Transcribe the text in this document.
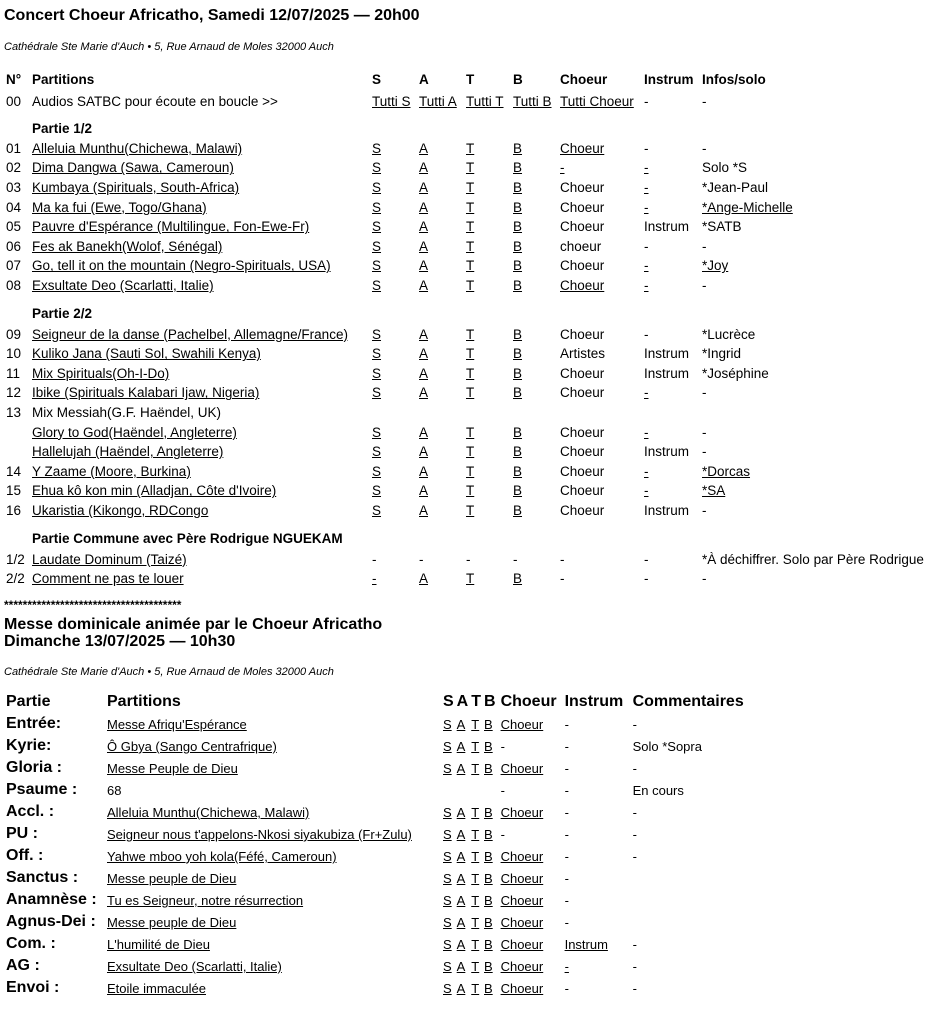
Concert Choeur Africatho, Samedi 12/07/2025 — 20h00
Cathédrale Ste Marie d'Auch • 5, Rue Arnaud de Moles 32000 Auch
N°	Partitions	S	A	T	B	Choeur	Instrum	Infos/solo
00	Audios SATBC pour écoute en boucle >>	Tutti S	Tutti A	Tutti T	Tutti B	Tutti Choeur	-	-
	Partie 1/2							
01	Alleluia Munthu(Chichewa, Malawi)	S	A	T	B	Choeur	-	-
02	Dima Dangwa (Sawa, Cameroun)	S	A	T	B	-	-	Solo *S
03	Kumbaya (Spirituals, South-Africa)	S	A	T	B	Choeur	-	*Jean-Paul
04	Ma ka fui (Ewe, Togo/Ghana)	S	A	T	B	Choeur	-	*Ange-Michelle
05	Pauvre d'Espérance (Multilingue, Fon-Ewe-Fr)	S	A	T	B	Choeur	Instrum	*SATB
06	Fes ak Banekh(Wolof, Sénégal)	S	A	T	B	choeur	-	-
07	Go, tell it on the mountain (Negro-Spirituals, USA)	S	A	T	B	Choeur	-	*Joy
08	Exsultate Deo (Scarlatti, Italie)	S	A	T	B	Choeur	-	-
	Partie 2/2							
09	Seigneur de la danse (Pachelbel, Allemagne/France)	S	A	T	B	Choeur	-	*Lucrèce
10	Kuliko Jana (Sauti Sol, Swahili Kenya)	S	A	T	B	Artistes	Instrum	*Ingrid
11	Mix Spirituals(Oh-I-Do)	S	A	T	B	Choeur	Instrum	*Joséphine
12	Ibike (Spirituals Kalabari Ijaw, Nigeria)	S	A	T	B	Choeur	-	-
13	Mix Messiah(G.F. Haëndel, UK)							
	Glory to God(Haëndel, Angleterre)	S	A	T	B	Choeur	-	-
	Hallelujah (Haëndel, Angleterre)	S	A	T	B	Choeur	Instrum	-
14	Y Zaame (Moore, Burkina)	S	A	T	B	Choeur	-	*Dorcas
15	Ehua kô kon min (Alladjan, Côte d'Ivoire)	S	A	T	B	Choeur	-	*SA
16	Ukaristia (Kikongo, RDCongo	S	A	T	B	Choeur	Instrum	-
	Partie Commune avec Père Rodrigue NGUEKAM							
1/2	Laudate Dominum (Taizé)	-	-	-	-	-	-	*À déchiffrer. Solo par Père Rodrigue
2/2	Comment ne pas te louer	-	A	T	B	-	-	-
**************************************
Messe dominicale animée par le Choeur Africatho
Dimanche 13/07/2025 — 10h30
Cathédrale Ste Marie d'Auch • 5, Rue Arnaud de Moles 32000 Auch
Partie	Partitions	S	A	T	B	Choeur	Instrum	Commentaires
Entrée:	Messe Afriqu'Espérance	S	A	T	B	Choeur	-	-
Kyrie:	Ô Gbya (Sango Centrafrique)	S	A	T	B	-	-	Solo *Sopra
Gloria :	Messe Peuple de Dieu	S	A	T	B	Choeur	-	-
Psaume :	68					-	-	En cours
Accl. :	Alleluia Munthu(Chichewa, Malawi)	S	A	T	B	Choeur	-	-
PU :	Seigneur nous t'appelons-Nkosi siyakubiza (Fr+Zulu)	S	A	T	B	-	-	-
Off. :	Yahwe mboo yoh kola(Féfé, Cameroun)	S	A	T	B	Choeur	-	-
Sanctus :	Messe peuple de Dieu	S	A	T	B	Choeur	-	
Anamnèse :	Tu es Seigneur, notre résurrection	S	A	T	B	Choeur	-	
Agnus-Dei :	Messe peuple de Dieu	S	A	T	B	Choeur	-	
Com. :	L'humilité de Dieu	S	A	T	B	Choeur	Instrum	-
AG :	Exsultate Deo (Scarlatti, Italie)	S	A	T	B	Choeur	-	-
Envoi :	Etoile immaculée	S	A	T	B	Choeur	-	-
